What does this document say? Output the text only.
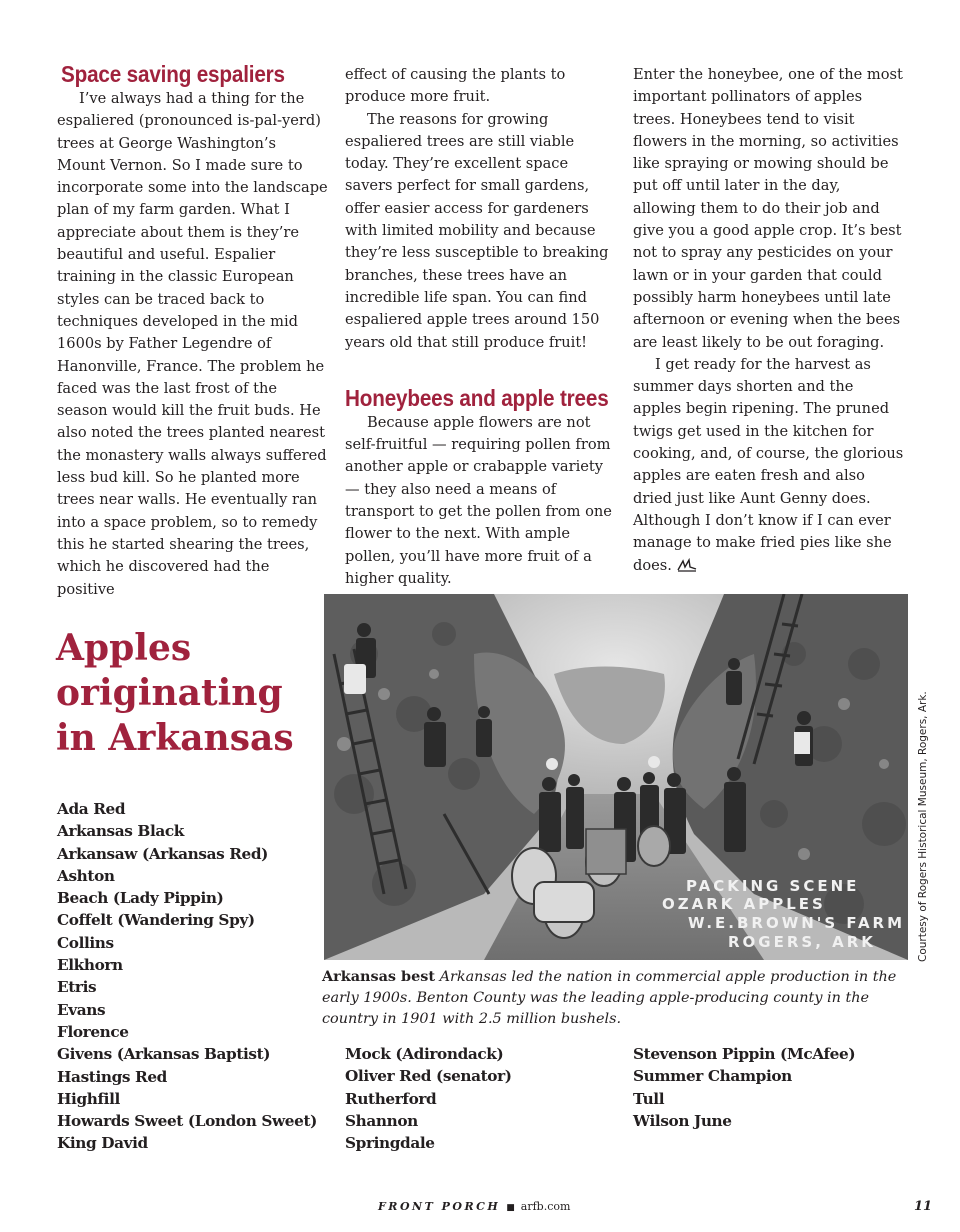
Space saving espaliers

I’ve always had a thing for the espaliered (pronounced is-pal-yerd) trees at George Washington’s Mount Vernon. So I made sure to incorporate some into the landscape plan of my farm garden. What I appreciate about them is they’re beautiful and useful. Espalier training in the classic European styles can be traced back to techniques developed in the mid 1600s by Father Legendre of Hanonville, France. The problem he faced was the last frost of the season would kill the fruit buds. He also noted the trees planted nearest the monastery walls always suffered less bud kill. So he planted more trees near walls. He eventually ran into a space problem, so to remedy this he started shearing the trees, which he discovered had the positive

effect of causing the plants to produce more fruit.

The reasons for growing espaliered trees are still viable today. They’re excellent space savers perfect for small gardens, offer easier access for gardeners with limited mobility and because they’re less susceptible to breaking branches, these trees have an incredible life span. You can find espaliered apple trees around 150 years old that still produce fruit!

Honeybees and apple trees

Because apple flowers are not self-fruitful — requiring pollen from another apple or crabapple variety — they also need a means of transport to get the pollen from one flower to the next. With ample pollen, you’ll have more fruit of a higher quality.

Enter the honeybee, one of the most important pollinators of apples trees. Honeybees tend to visit flowers in the morning, so activities like spraying or mowing should be put off until later in the day, allowing them to do their job and give you a good apple crop. It’s best not to spray any pesticides on your lawn or in your garden that could possibly harm honeybees until late afternoon or evening when the bees are least likely to be out foraging.

I get ready for the harvest as summer days shorten and the apples begin ripening. The pruned twigs get used in the kitchen for cooking, and, of course, the glorious apples are eaten fresh and also dried just like Aunt Genny does. Although I don’t know if I can ever manage to make fried pies like she does.

Apples
originating
in Arkansas
Ada Red
Arkansas Black
Arkansaw (Arkansas Red)
Ashton
Beach (Lady Pippin)
Coffelt (Wandering Spy)
Collins
Elkhorn
Etris
Evans
Florence
Givens (Arkansas Baptist)
Hastings Red
Highfill
Howards Sweet (London Sweet)
King David
Mock (Adirondack)
Oliver Red (senator)
Rutherford
Shannon
Springdale
Stevenson Pippin (McAfee)
Summer Champion
Tull
Wilson June
PACKING SCENE
OZARK APPLES
W.E.BROWN'S FARM
ROGERS, ARK	Courtesy of Rogers Historical Museum, Rogers, Ark.
Arkansas best Arkansas led the nation in commercial apple production in the early 1900s. Benton County was the leading apple-producing county in the country in 1901 with 2.5 million bushels.
FRONT PORCH ■ arfb.com	11
